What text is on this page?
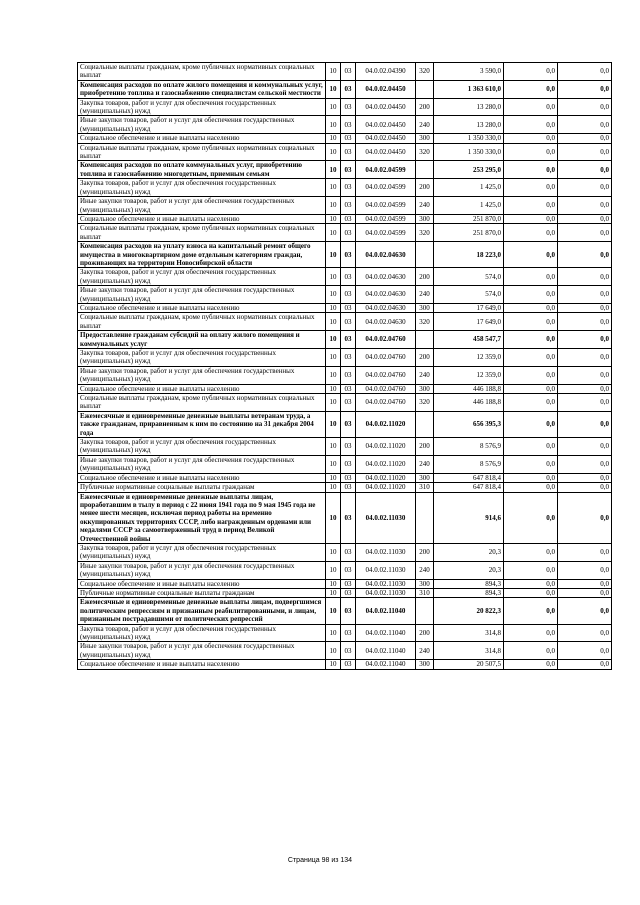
Социальные выплаты гражданам, кроме публичных нормативных социальных выплат	10	03	04.0.02.04390	320	3 590,0	0,0	0,0
Компенсация расходов по оплате жилого помещения и коммунальных услуг, приобретению топлива и газоснабжению специалистам сельской местности	10	03	04.0.02.04450		1 363 610,0	0,0	0,0
Закупка товаров, работ и услуг для обеспечения государственных (муниципальных) нужд	10	03	04.0.02.04450	200	13 280,0	0,0	0,0
Иные закупки товаров, работ и услуг для обеспечения государственных (муниципальных) нужд	10	03	04.0.02.04450	240	13 280,0	0,0	0,0
Социальное обеспечение и иные выплаты населению	10	03	04.0.02.04450	300	1 350 330,0	0,0	0,0
Социальные выплаты гражданам, кроме публичных нормативных социальных выплат	10	03	04.0.02.04450	320	1 350 330,0	0,0	0,0
Компенсация расходов по оплате коммунальных услуг, приобретению топлива и газоснабжению многодетным, приемным семьям	10	03	04.0.02.04599		253 295,0	0,0	0,0
Закупка товаров, работ и услуг для обеспечения государственных (муниципальных) нужд	10	03	04.0.02.04599	200	1 425,0	0,0	0,0
Иные закупки товаров, работ и услуг для обеспечения государственных (муниципальных) нужд	10	03	04.0.02.04599	240	1 425,0	0,0	0,0
Социальное обеспечение и иные выплаты населению	10	03	04.0.02.04599	300	251 870,0	0,0	0,0
Социальные выплаты гражданам, кроме публичных нормативных социальных выплат	10	03	04.0.02.04599	320	251 870,0	0,0	0,0
Компенсация расходов на уплату взноса на капитальный ремонт общего имущества в многоквартирном доме отдельным категориям граждан, проживающих на территории Новосибирской области	10	03	04.0.02.04630		18 223,0	0,0	0,0
Закупка товаров, работ и услуг для обеспечения государственных (муниципальных) нужд	10	03	04.0.02.04630	200	574,0	0,0	0,0
Иные закупки товаров, работ и услуг для обеспечения государственных (муниципальных) нужд	10	03	04.0.02.04630	240	574,0	0,0	0,0
Социальное обеспечение и иные выплаты населению	10	03	04.0.02.04630	300	17 649,0	0,0	0,0
Социальные выплаты гражданам, кроме публичных нормативных социальных выплат	10	03	04.0.02.04630	320	17 649,0	0,0	0,0
Предоставление гражданам субсидий на оплату жилого помещения и коммунальных услуг	10	03	04.0.02.04760		458 547,7	0,0	0,0
Закупка товаров, работ и услуг для обеспечения государственных (муниципальных) нужд	10	03	04.0.02.04760	200	12 359,0	0,0	0,0
Иные закупки товаров, работ и услуг для обеспечения государственных (муниципальных) нужд	10	03	04.0.02.04760	240	12 359,0	0,0	0,0
Социальное обеспечение и иные выплаты населению	10	03	04.0.02.04760	300	446 188,8	0,0	0,0
Социальные выплаты гражданам, кроме публичных нормативных социальных выплат	10	03	04.0.02.04760	320	446 188,8	0,0	0,0
Ежемесячные и единовременные денежные выплаты ветеранам труда, а также гражданам, приравненным к ним по состоянию на 31 декабря 2004 года	10	03	04.0.02.11020		656 395,3	0,0	0,0
Закупка товаров, работ и услуг для обеспечения государственных (муниципальных) нужд	10	03	04.0.02.11020	200	8 576,9	0,0	0,0
Иные закупки товаров, работ и услуг для обеспечения государственных (муниципальных) нужд	10	03	04.0.02.11020	240	8 576,9	0,0	0,0
Социальное обеспечение и иные выплаты населению	10	03	04.0.02.11020	300	647 818,4	0,0	0,0
Публичные нормативные социальные выплаты гражданам	10	03	04.0.02.11020	310	647 818,4	0,0	0,0
Ежемесячные и единовременные денежные выплаты лицам, проработавшим в тылу в период с 22 июня 1941 года по 9 мая 1945 года не менее шести месяцев, исключая период работы на временно оккупированных территориях СССР, либо награжденным орденами или медалями СССР за самоотверженный труд в период Великой Отечественной войны	10	03	04.0.02.11030		914,6	0,0	0,0
Закупка товаров, работ и услуг для обеспечения государственных (муниципальных) нужд	10	03	04.0.02.11030	200	20,3	0,0	0,0
Иные закупки товаров, работ и услуг для обеспечения государственных (муниципальных) нужд	10	03	04.0.02.11030	240	20,3	0,0	0,0
Социальное обеспечение и иные выплаты населению	10	03	04.0.02.11030	300	894,3	0,0	0,0
Публичные нормативные социальные выплаты гражданам	10	03	04.0.02.11030	310	894,3	0,0	0,0
Ежемесячные и единовременные денежные выплаты лицам, подвергшимся политическим репрессиям и признанным реабилитированными, и лицам, признанным пострадавшими от политических репрессий	10	03	04.0.02.11040		20 822,3	0,0	0,0
Закупка товаров, работ и услуг для обеспечения государственных (муниципальных) нужд	10	03	04.0.02.11040	200	314,8	0,0	0,0
Иные закупки товаров, работ и услуг для обеспечения государственных (муниципальных) нужд	10	03	04.0.02.11040	240	314,8	0,0	0,0
Социальное обеспечение и иные выплаты населению	10	03	04.0.02.11040	300	20 507,5	0,0	0,0
Страница 98 из 134
